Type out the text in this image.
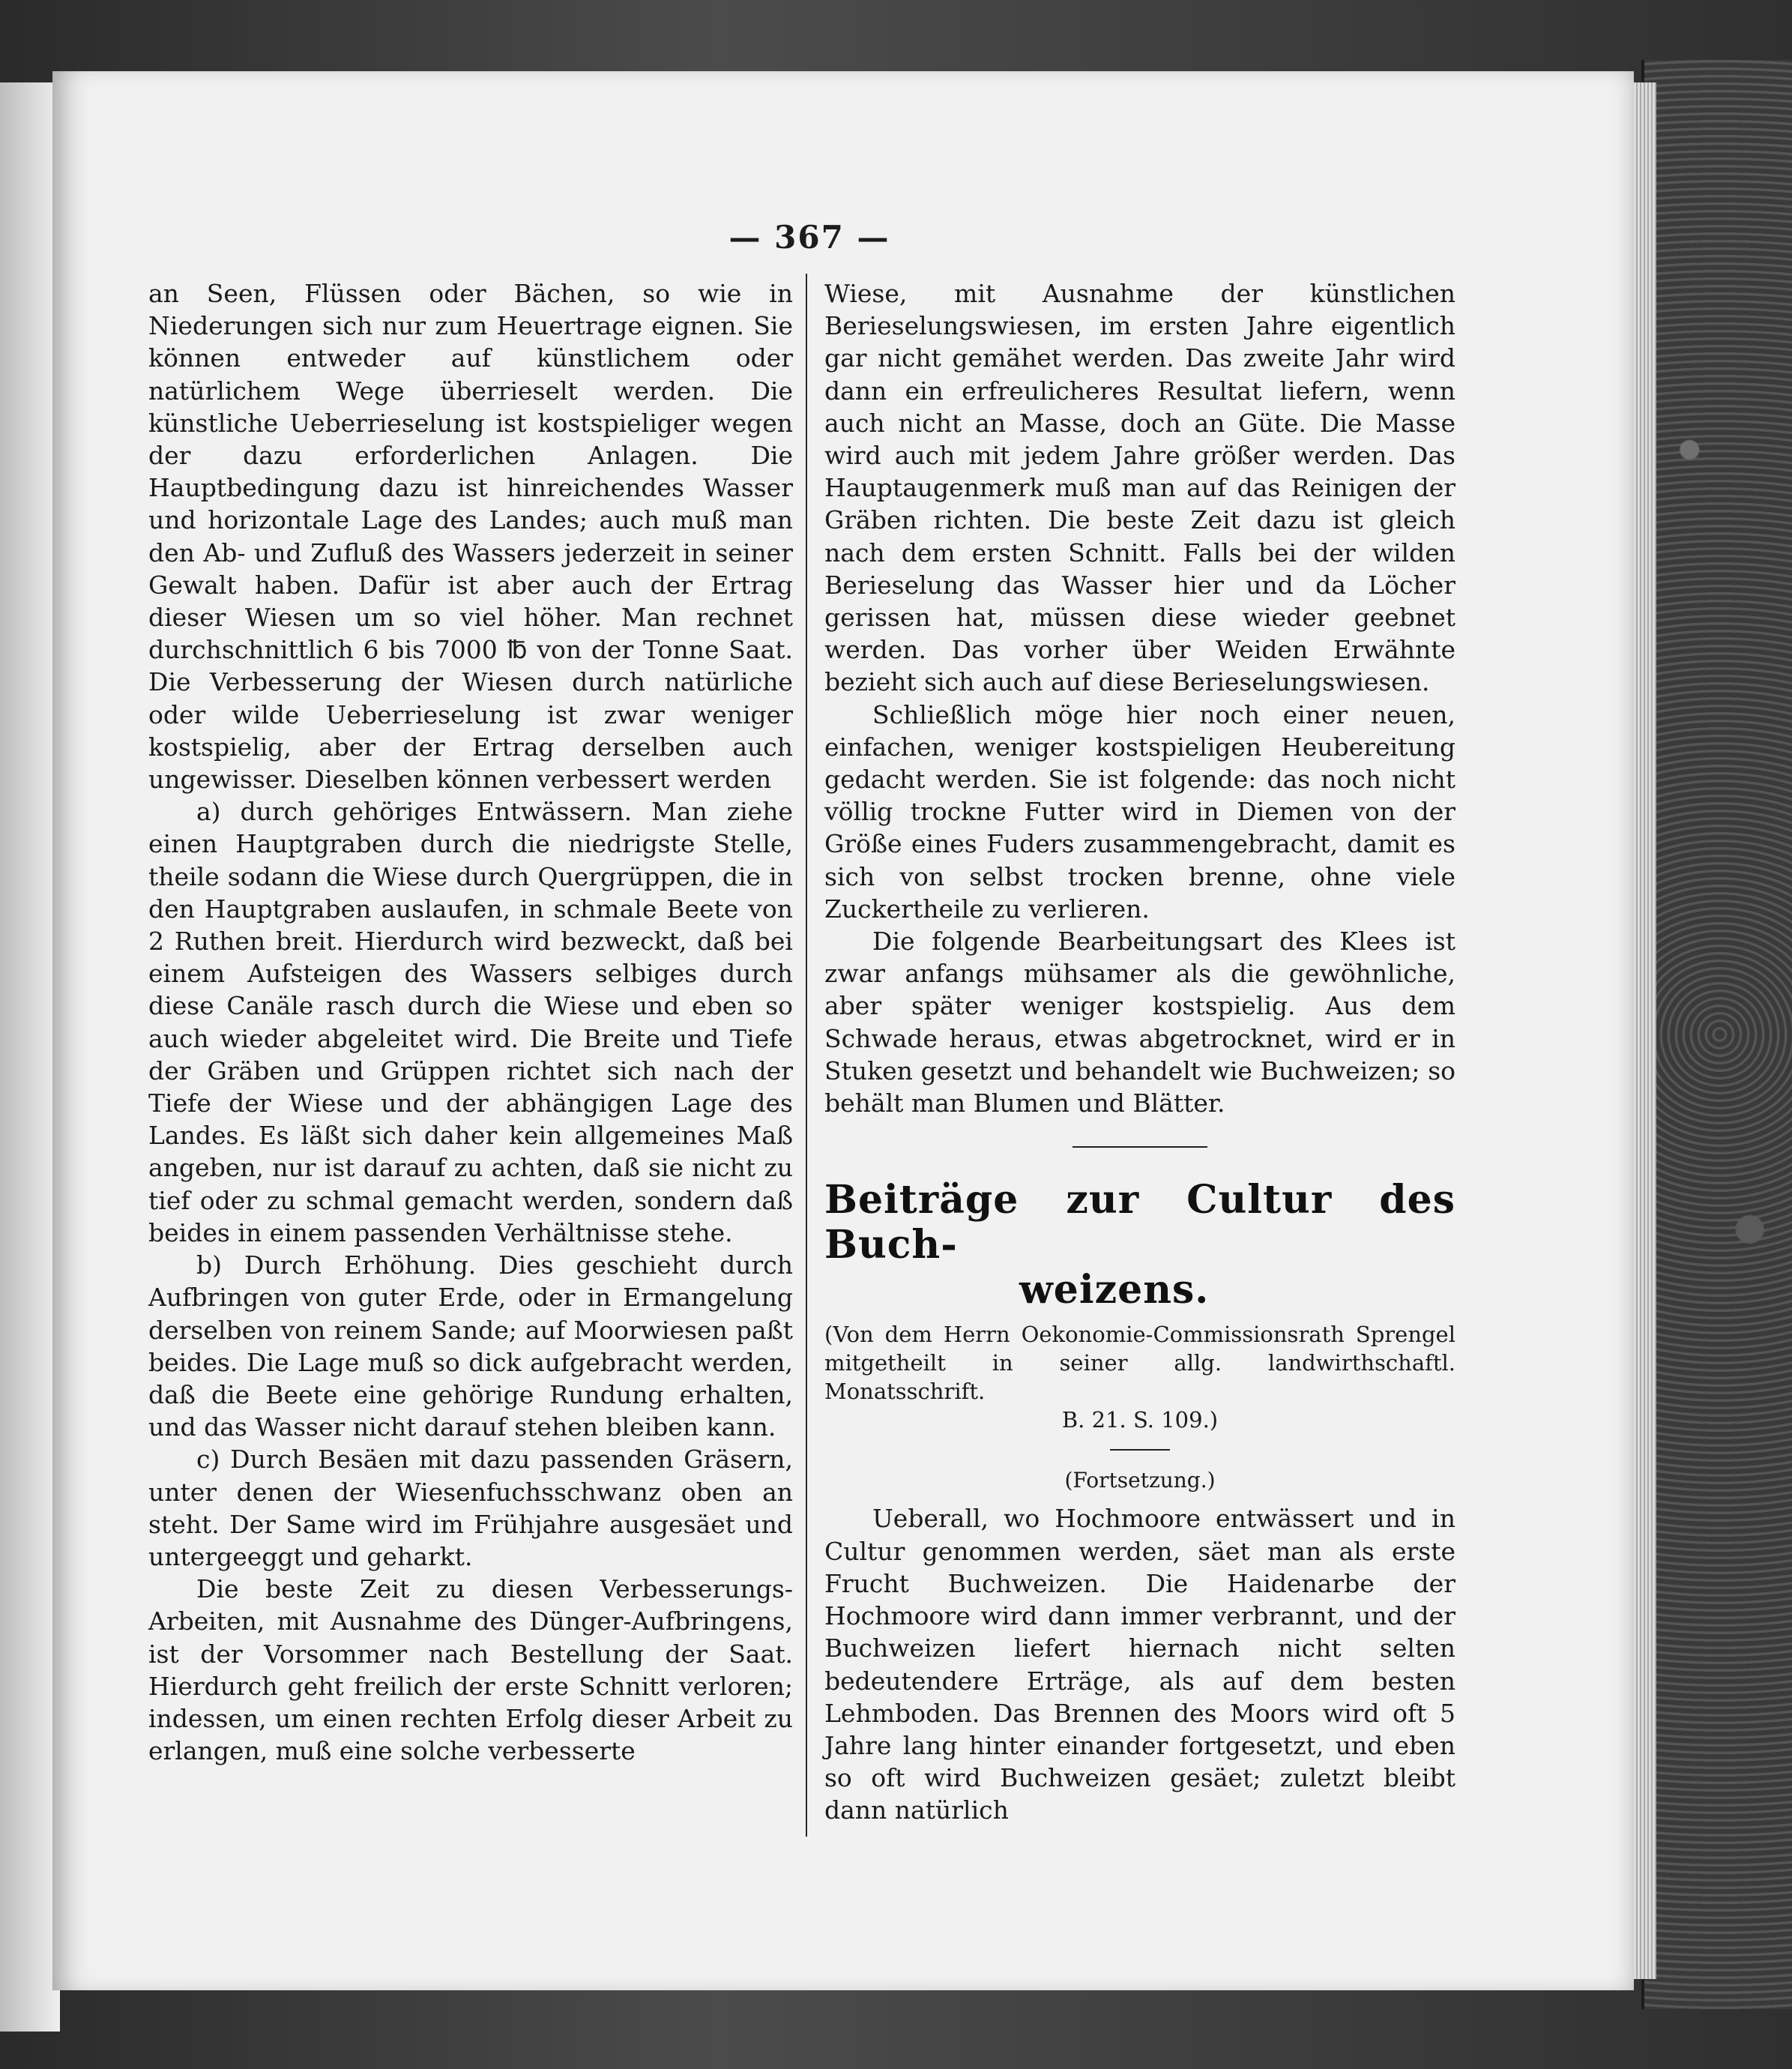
— 367 —

an Seen, Flüssen oder Bächen, so wie in Niederungen sich nur zum Heuertrage eignen. Sie können entweder auf künstlichem oder natürlichem Wege überrieselt werden. Die künstliche Ueberrieselung ist kostspieliger wegen der dazu erforderlichen Anlagen. Die Hauptbedingung dazu ist hinreichendes Wasser und horizontale Lage des Landes; auch muß man den Ab- und Zufluß des Wassers jederzeit in seiner Gewalt haben. Dafür ist aber auch der Ertrag dieser Wiesen um so viel höher. Man rechnet durchschnittlich 6 bis 7000 ℔ von der Tonne Saat. Die Verbesserung der Wiesen durch natürliche oder wilde Ueberrieselung ist zwar weniger kostspielig, aber der Ertrag derselben auch ungewisser. Dieselben können verbessert werden

a) durch gehöriges Entwässern. Man ziehe einen Hauptgraben durch die niedrigste Stelle, theile sodann die Wiese durch Quergrüppen, die in den Hauptgraben auslaufen, in schmale Beete von 2 Ruthen breit. Hierdurch wird bezweckt, daß bei einem Aufsteigen des Wassers selbiges durch diese Canäle rasch durch die Wiese und eben so auch wieder abgeleitet wird. Die Breite und Tiefe der Gräben und Grüppen richtet sich nach der Tiefe der Wiese und der abhängigen Lage des Landes. Es läßt sich daher kein allgemeines Maß angeben, nur ist darauf zu achten, daß sie nicht zu tief oder zu schmal gemacht werden, sondern daß beides in einem passenden Verhältnisse stehe.

b) Durch Erhöhung. Dies geschieht durch Aufbringen von guter Erde, oder in Ermangelung derselben von reinem Sande; auf Moorwiesen paßt beides. Die Lage muß so dick aufgebracht werden, daß die Beete eine gehörige Rundung erhalten, und das Wasser nicht darauf stehen bleiben kann.

c) Durch Besäen mit dazu passenden Gräsern, unter denen der Wiesenfuchsschwanz oben an steht. Der Same wird im Frühjahre ausgesäet und untergeeggt und geharkt.

Die beste Zeit zu diesen Verbesserungs-Arbeiten, mit Ausnahme des Dünger-Aufbringens, ist der Vorsommer nach Bestellung der Saat. Hierdurch geht freilich der erste Schnitt verloren; indessen, um einen rechten Erfolg dieser Arbeit zu erlangen, muß eine solche verbesserte

Wiese, mit Ausnahme der künstlichen Berieselungswiesen, im ersten Jahre eigentlich gar nicht gemähet werden. Das zweite Jahr wird dann ein erfreulicheres Resultat liefern, wenn auch nicht an Masse, doch an Güte. Die Masse wird auch mit jedem Jahre größer werden. Das Hauptaugenmerk muß man auf das Reinigen der Gräben richten. Die beste Zeit dazu ist gleich nach dem ersten Schnitt. Falls bei der wilden Berieselung das Wasser hier und da Löcher gerissen hat, müssen diese wieder geebnet werden. Das vorher über Weiden Erwähnte bezieht sich auch auf diese Berieselungswiesen.

Schließlich möge hier noch einer neuen, einfachen, weniger kostspieligen Heubereitung gedacht werden. Sie ist folgende: das noch nicht völlig trockne Futter wird in Diemen von der Größe eines Fuders zusammengebracht, damit es sich von selbst trocken brenne, ohne viele Zuckertheile zu verlieren.

Die folgende Bearbeitungsart des Klees ist zwar anfangs mühsamer als die gewöhnliche, aber später weniger kostspielig. Aus dem Schwade heraus, etwas abgetrocknet, wird er in Stuken gesetzt und behandelt wie Buchweizen; so behält man Blumen und Blätter.

Beiträge zur Cultur des Buch-
weizens.
(Von dem Herrn Oekonomie-Commissionsrath Sprengel mitgetheilt in seiner allg. landwirthschaftl. Monatsschrift.
B. 21. S. 109.)
(Fortsetzung.)

Ueberall, wo Hochmoore entwässert und in Cultur genommen werden, säet man als erste Frucht Buchweizen. Die Haidenarbe der Hochmoore wird dann immer verbrannt, und der Buchweizen liefert hiernach nicht selten bedeutendere Erträge, als auf dem besten Lehmboden. Das Brennen des Moors wird oft 5 Jahre lang hinter einander fortgesetzt, und eben so oft wird Buchweizen gesäet; zuletzt bleibt dann natürlich
